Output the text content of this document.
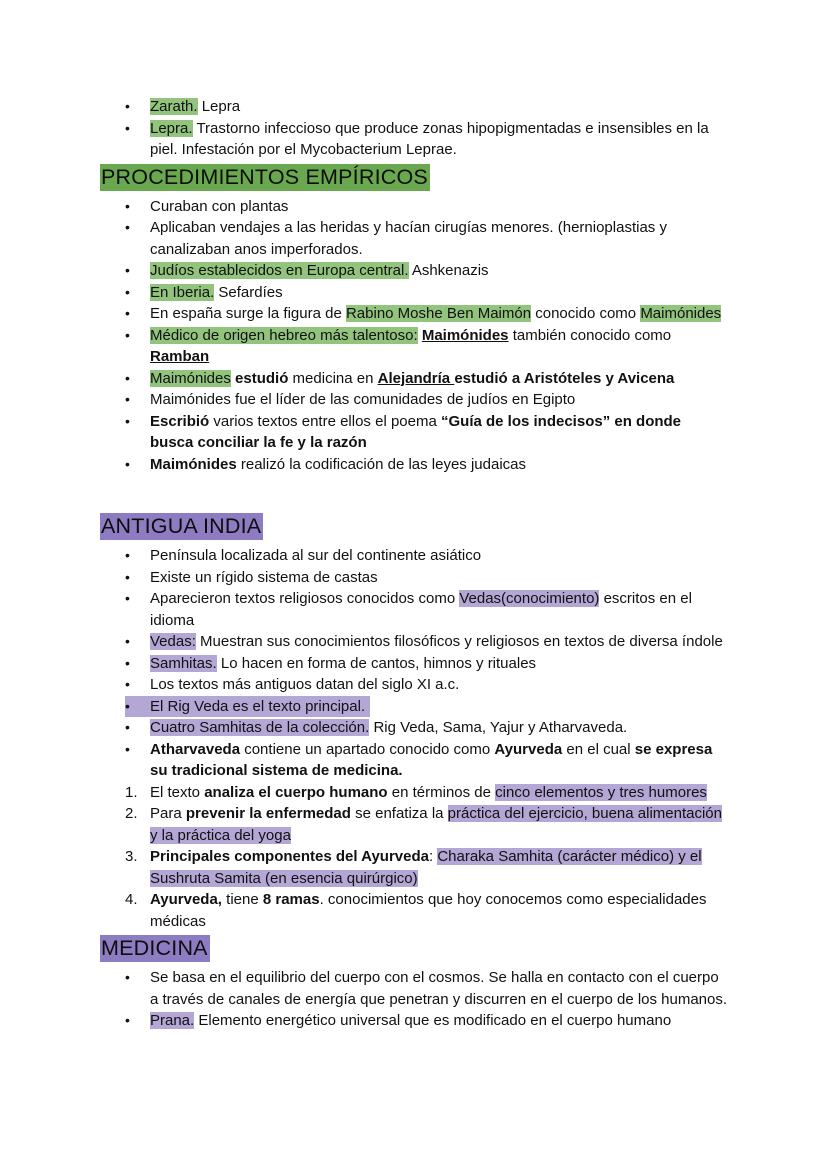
•	Zarath. Lepra
•	Lepra. Trastorno infeccioso que produce zonas hipopigmentadas e insensibles en la piel. Infestación por el Mycobacterium Leprae.
PROCEDIMIENTOS EMPÍRICOS
•	Curaban con plantas
•	Aplicaban vendajes a las heridas y hacían cirugías menores. (hernioplastias y canalizaban anos imperforados.
•	Judíos establecidos en Europa central. Ashkenazis
•	En Iberia. Sefardíes
•	En españa surge la figura de Rabino Moshe Ben Maimón conocido como Maimónides
•	Médico de origen hebreo más talentoso: Maimónides también conocido como Ramban
•	Maimónides estudió medicina en Alejandría estudió a Aristóteles y Avicena
•	Maimónides fue el líder de las comunidades de judíos en Egipto
•	Escribió varios textos entre ellos el poema “Guía de los indecisos” en donde busca conciliar la fe y la razón
•	Maimónides realizó la codificación de las leyes judaicas
ANTIGUA INDIA
•	Península localizada al sur del continente asiático
•	Existe un rígido sistema de castas
•	Aparecieron textos religiosos conocidos como Vedas(conocimiento) escritos en el idioma
•	Vedas: Muestran sus conocimientos filosóficos y religiosos en textos de diversa índole
•	Samhitas. Lo hacen en forma de cantos, himnos y rituales
•	Los textos más antiguos datan del siglo XI a.c.
•	El Rig Veda es el texto principal.
•	Cuatro Samhitas de la colección. Rig Veda, Sama, Yajur y Atharvaveda.
•	Atharvaveda contiene un apartado conocido como Ayurveda en el cual se expresa su tradicional sistema de medicina.
1. El texto analiza el cuerpo humano en términos de cinco elementos y tres humores
2. Para prevenir la enfermedad se enfatiza la práctica del ejercicio, buena alimentación y la práctica del yoga
3. Principales componentes del Ayurveda: Charaka Samhita (carácter médico) y el Sushruta Samita (en esencia quirúrgico)
4. Ayurveda, tiene 8 ramas. conocimientos que hoy conocemos como especialidades médicas
MEDICINA
•	Se basa en el equilibrio del cuerpo con el cosmos. Se halla en contacto con el cuerpo a través de canales de energía que penetran y discurren en el cuerpo de los humanos.
•	Prana. Elemento energético universal que es modificado en el cuerpo humano
